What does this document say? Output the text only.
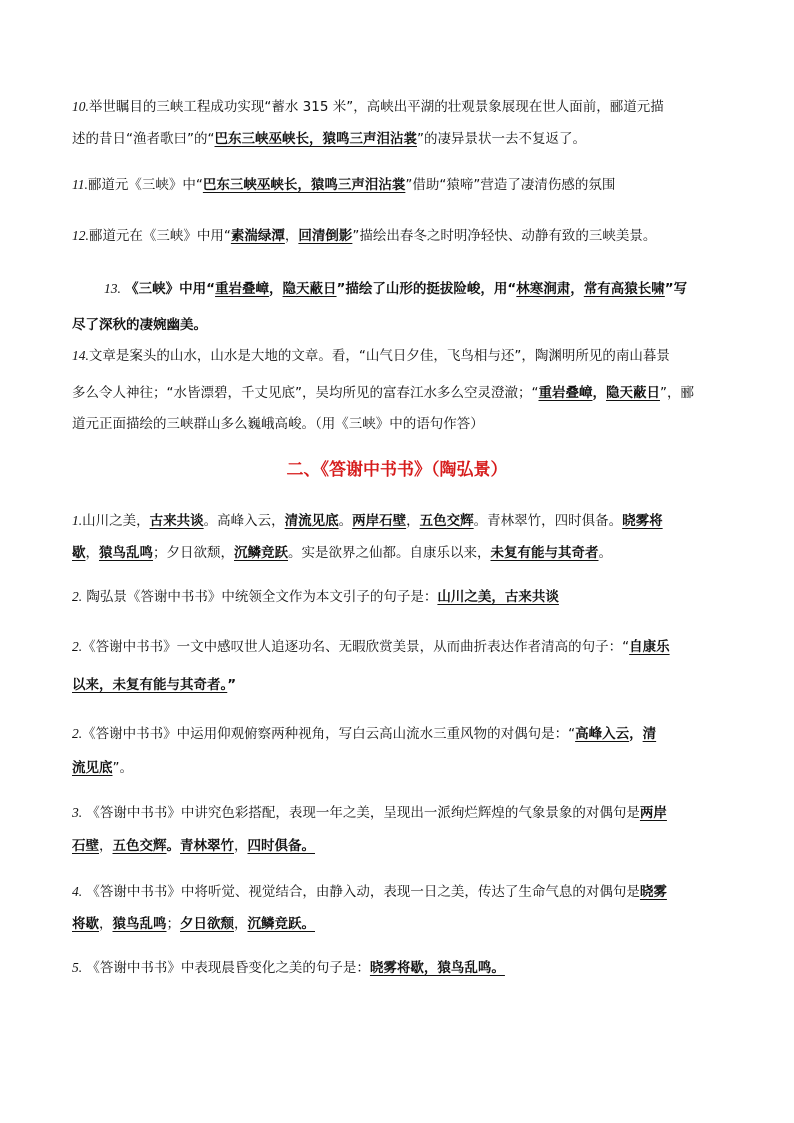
10.举世瞩目的三峡工程成功实现“蓄水 315 米”，高峡出平湖的壮观景象展现在世人面前，郦道元描
述的昔日“渔者歌曰”的“巴东三峡巫峡长，猿鸣三声泪沾裳”的凄异景状一去不复返了。
11.郦道元《三峡》中“巴东三峡巫峡长，猿鸣三声泪沾裳”借助“猿啼”营造了凄清伤感的氛围
12.郦道元在《三峡》中用“素湍绿潭，回清倒影”描绘出春冬之时明净轻快、动静有致的三峡美景。
13. 《三峡》中用“重岩叠嶂，隐天蔽日”描绘了山形的挺拔险峻，用“林寒涧肃，常有高猿长啸”写
尽了深秋的凄婉幽美。
14.文章是案头的山水，山水是大地的文章。看，“山气日夕佳，飞鸟相与还”，陶渊明所见的南山暮景
多么令人神往；“水皆漂碧，千丈见底”，吴均所见的富春江水多么空灵澄澈；“重岩叠嶂，隐天蔽日”，郦
道元正面描绘的三峡群山多么巍峨高峻。（用《三峡》中的语句作答）
二、《答谢中书书》（陶弘景）
1.山川之美，古来共谈。高峰入云，清流见底。两岸石壁，五色交辉。青林翠竹，四时俱备。晓雾将
歇，猿鸟乱鸣；夕日欲颓，沉鳞竞跃。实是欲界之仙都。自康乐以来，未复有能与其奇者。
2. 陶弘景《答谢中书书》中统领全文作为本文引子的句子是：山川之美，古来共谈
2.《答谢中书书》一文中感叹世人追逐功名、无暇欣赏美景，从而曲折表达作者清高的句子：“自康乐
以来，未复有能与其奇者。”
2.《答谢中书书》中运用仰观俯察两种视角，写白云高山流水三重风物的对偶句是：“高峰入云，清
流见底”。
3. 《答谢中书书》中讲究色彩搭配，表现一年之美，呈现出一派绚烂辉煌的气象景象的对偶句是两岸
石壁，五色交辉。青林翠竹，四时俱备。
4. 《答谢中书书》中将听觉、视觉结合，由静入动，表现一日之美，传达了生命气息的对偶句是晓雾
将歇，猿鸟乱鸣；夕日欲颓，沉鳞竞跃。
5. 《答谢中书书》中表现晨昏变化之美的句子是：晓雾将歇，猿鸟乱鸣。
